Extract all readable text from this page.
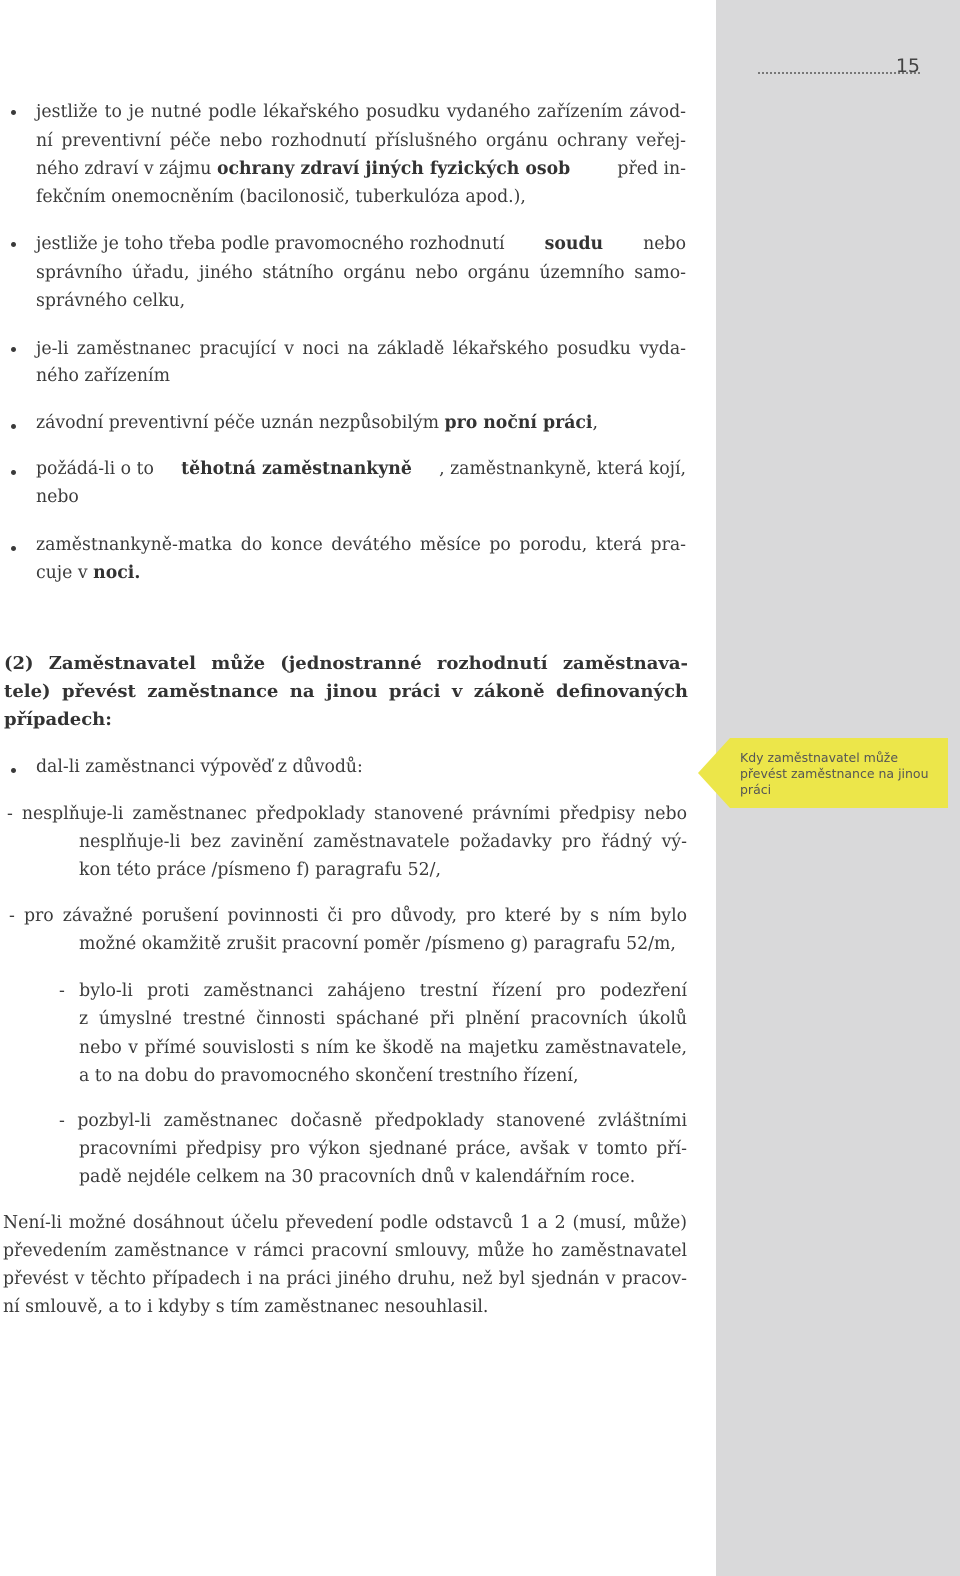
15
Kdy zaměstnavatel může převést zaměstnance na jinou práci
jestliže to je nutné podle lékařského posudku vydaného zařízením závod-
ní preventivní péče nebo rozhodnutí příslušného orgánu ochrany veřej-
ného zdraví v zájmu ochrany zdraví jiných fyzických osob	před in-
fekčním onemocněním (bacilonosič, tuberkulóza apod.),
jestliže je toho třeba podle pravomocného rozhodnutí soudu nebo
správního úřadu, jiného státního orgánu nebo orgánu územního samo-
správného celku,
je-li zaměstnanec pracující v noci na základě lékařského posudku vyda-
ného zařízením
závodní preventivní péče uznán nezpůsobilým pro noční práci,
požádá-li o to těhotná zaměstnankyně , zaměstnankyně, která kojí,
nebo
zaměstnankyně-matka do konce devátého měsíce po porodu, která pra-
cuje v noci.
(2) Zaměstnavatel může (jednostranné rozhodnutí zaměstnava-
tele) převést zaměstnance na jinou práci v zákoně definovaných
případech:
dal-li zaměstnanci výpověď z důvodů:
- nesplňuje-li zaměstnanec předpoklady stanovené právními předpisy nebo
nesplňuje-li bez zavinění zaměstnavatele požadavky pro řádný vý-
kon této práce /písmeno f) paragrafu 52/,
- pro závažné porušení povinnosti či pro důvody, pro které by s ním bylo
možné okamžitě zrušit pracovní poměr /písmeno g) paragrafu 52/m,
- bylo-li proti zaměstnanci zahájeno trestní řízení pro podezření
z úmyslné trestné činnosti spáchané při plnění pracovních úkolů
nebo v přímé souvislosti s ním ke škodě na majetku zaměstnavatele,
a to na dobu do pravomocného skončení trestního řízení,
- pozbyl-li zaměstnanec dočasně předpoklady stanovené zvláštními
pracovními předpisy pro výkon sjednané práce, avšak v tomto pří-
padě nejdéle celkem na 30 pracovních dnů v kalendářním roce.
Není-li možné dosáhnout účelu převedení podle odstavců 1 a 2 (musí, může)
převedením zaměstnance v rámci pracovní smlouvy, může ho zaměstnavatel
převést v těchto případech i na práci jiného druhu, než byl sjednán v pracov-
ní smlouvě, a to i kdyby s tím zaměstnanec nesouhlasil.
